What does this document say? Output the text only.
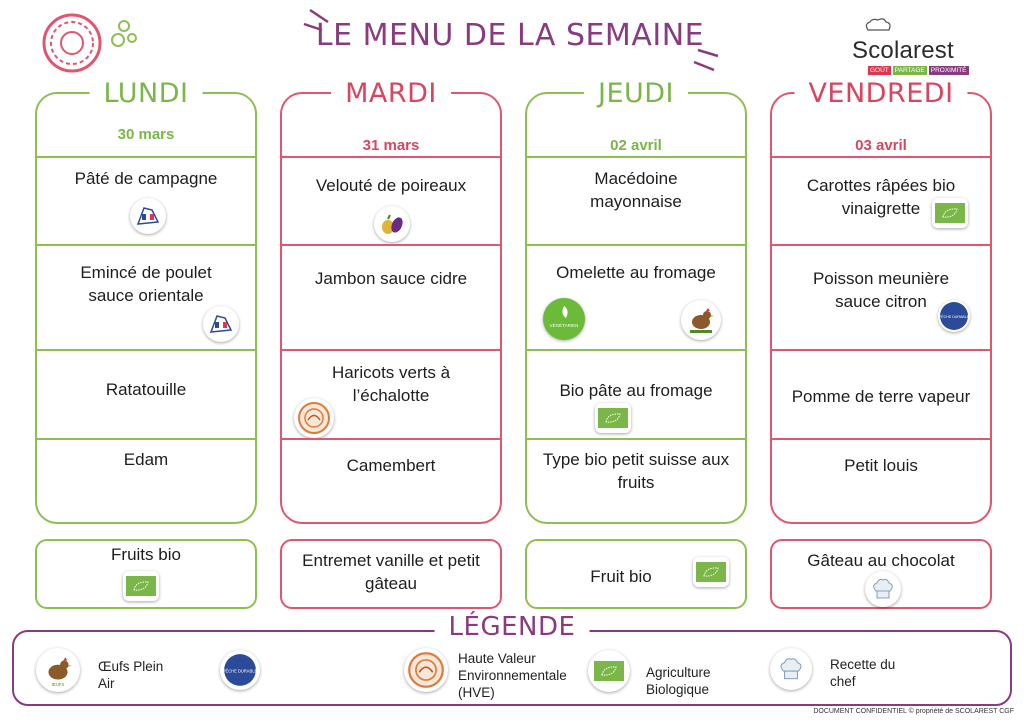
LE MENU DE LA SEMAINE	Scolarest
GOÛT PARTAGE PROXIMITÉ
LUNDI
30 mars
Pâté de campagne
Emincé de poulet sauce orientale
Ratatouille
Edam
MARDI
31 mars
Velouté de poireaux
Jambon sauce cidre
Haricots verts à l’échalotte
Camembert
JEUDI
02 avril
Macédoine mayonnaise
Omelette au fromage
VÉGÉTARIEN
Bio pâte au fromage
Type bio petit suisse aux fruits
VENDREDI
03 avril
Carottes râpées bio vinaigrette
Poisson meunière sauce citron
PÊCHE DURABLE
Pomme de terre vapeur
Petit louis
Fruits bio	Entremet vanille et petit gâteau	Fruit bio
Gâteau au chocolat
LÉGENDE
ŒUFS
Œufs Plein Air
PÊCHE DURABLE
Haute Valeur Environnementale (HVE)
Agriculture Biologique
Recette du chef
DOCUMENT CONFIDENTIEL © propriété de SCOLAREST CGF
